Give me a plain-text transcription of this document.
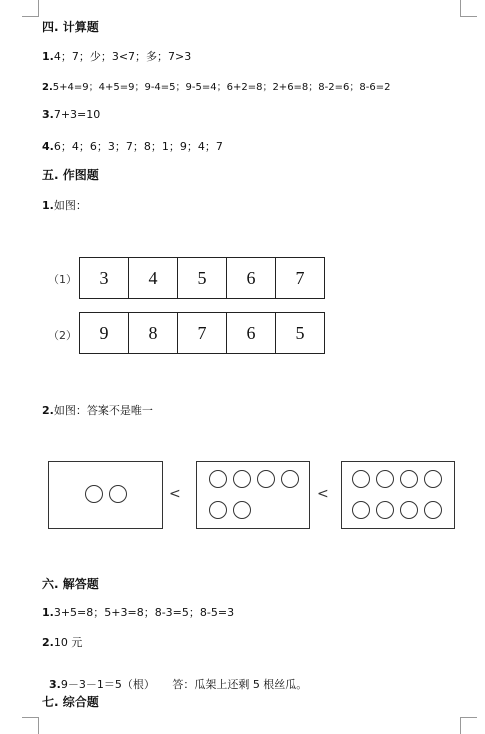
四. 计算题
1.4；7；少；3<7；多；7>3
2.5+4=9；4+5=9；9-4=5；9-5=4；6+2=8；2+6=8；8-2=6；8-6=2
3.7+3=10
4.6；4；6；3；7；8；1；9；4；7
五. 作图题
1.如图：
（1）	3	4	5	6	7
（2）	9	8	7	6	5
2.如图：答案不是唯一
<	<
六. 解答题
1.3+5=8；5+3=8；8-3=5；8-5=3
2.10 元

3.9－3－1＝5（根）     答：瓜架上还剩 5 根丝瓜。

七. 综合题
